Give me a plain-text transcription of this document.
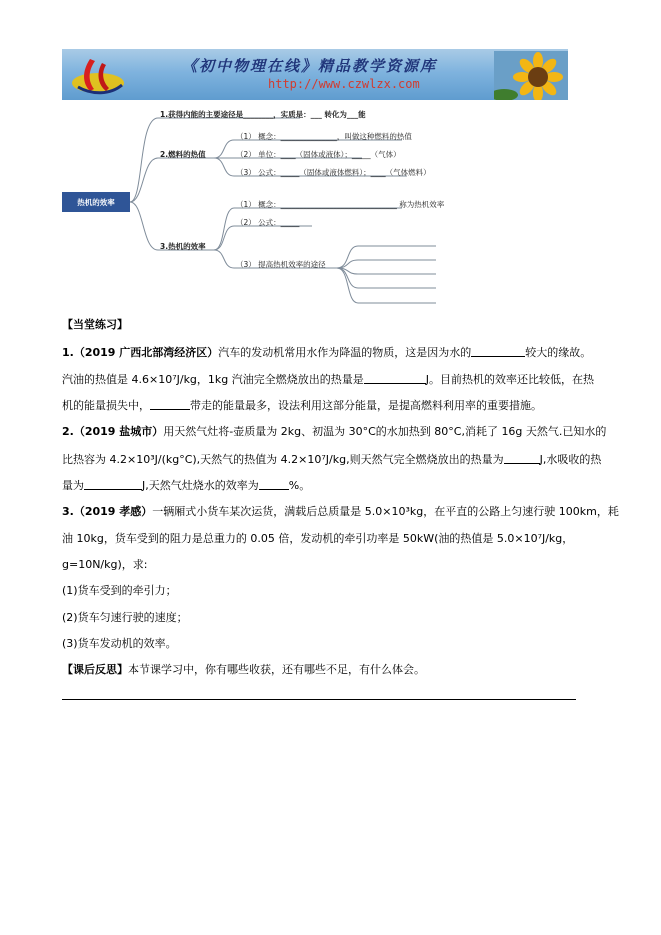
《初中物理在线》精品教学资源库
http://www.czwlzx.com
热机的效率
1.获得内能的主要途径是________，实质是：___ 转化为___能
2.燃料的热值
（1） 概念：_______________，叫做这种燃料的热值
（2） 单位：____（固体或液体）；_____（气体）
（3） 公式：_____（固体或液体燃料）；____（气体燃料）
3.热机的效率
（1） 概念：_______________________________ 称为热机效率
（2） 公式：_____
（3） 提高热机效率的途径
【当堂练习】
1.（2019 广西北部湾经济区）汽车的发动机常用水作为降温的物质，这是因为水的	较大的缘故。
汽油的热值是 4.6×10⁷J/kg，1kg 汽油完全燃烧放出的热量是	J。目前热机的效率还比较低，在热
机的能量损失中，	带走的能量最多，设法利用这部分能量，是提高燃料利用率的重要措施。
2.（2019 盐城市）用天然气灶将-壶质量为 2kg、初温为 30°C的水加热到 80°C,消耗了 16g 天然气.已知水的
比热容为 4.2×10³J/(kg°C),天然气的热值为 4.2×10⁷J/kg,则天然气完全燃烧放出的热量为	J,水吸收的热
量为	J,天然气灶烧水的效率为	%。
3.（2019 孝感）一辆厢式小货车某次运货，满载后总质量是 5.0×10³kg，在平直的公路上匀速行驶 100km，耗
油 10kg，货车受到的阻力是总重力的 0.05 倍，发动机的牵引功率是 50kW(油的热值是 5.0×10⁷J/kg，
g=10N/kg)，求:
(1)货车受到的牵引力；
(2)货车匀速行驶的速度；
(3)货车发动机的效率。
【课后反思】本节课学习中，你有哪些收获，还有哪些不足，有什么体会。
